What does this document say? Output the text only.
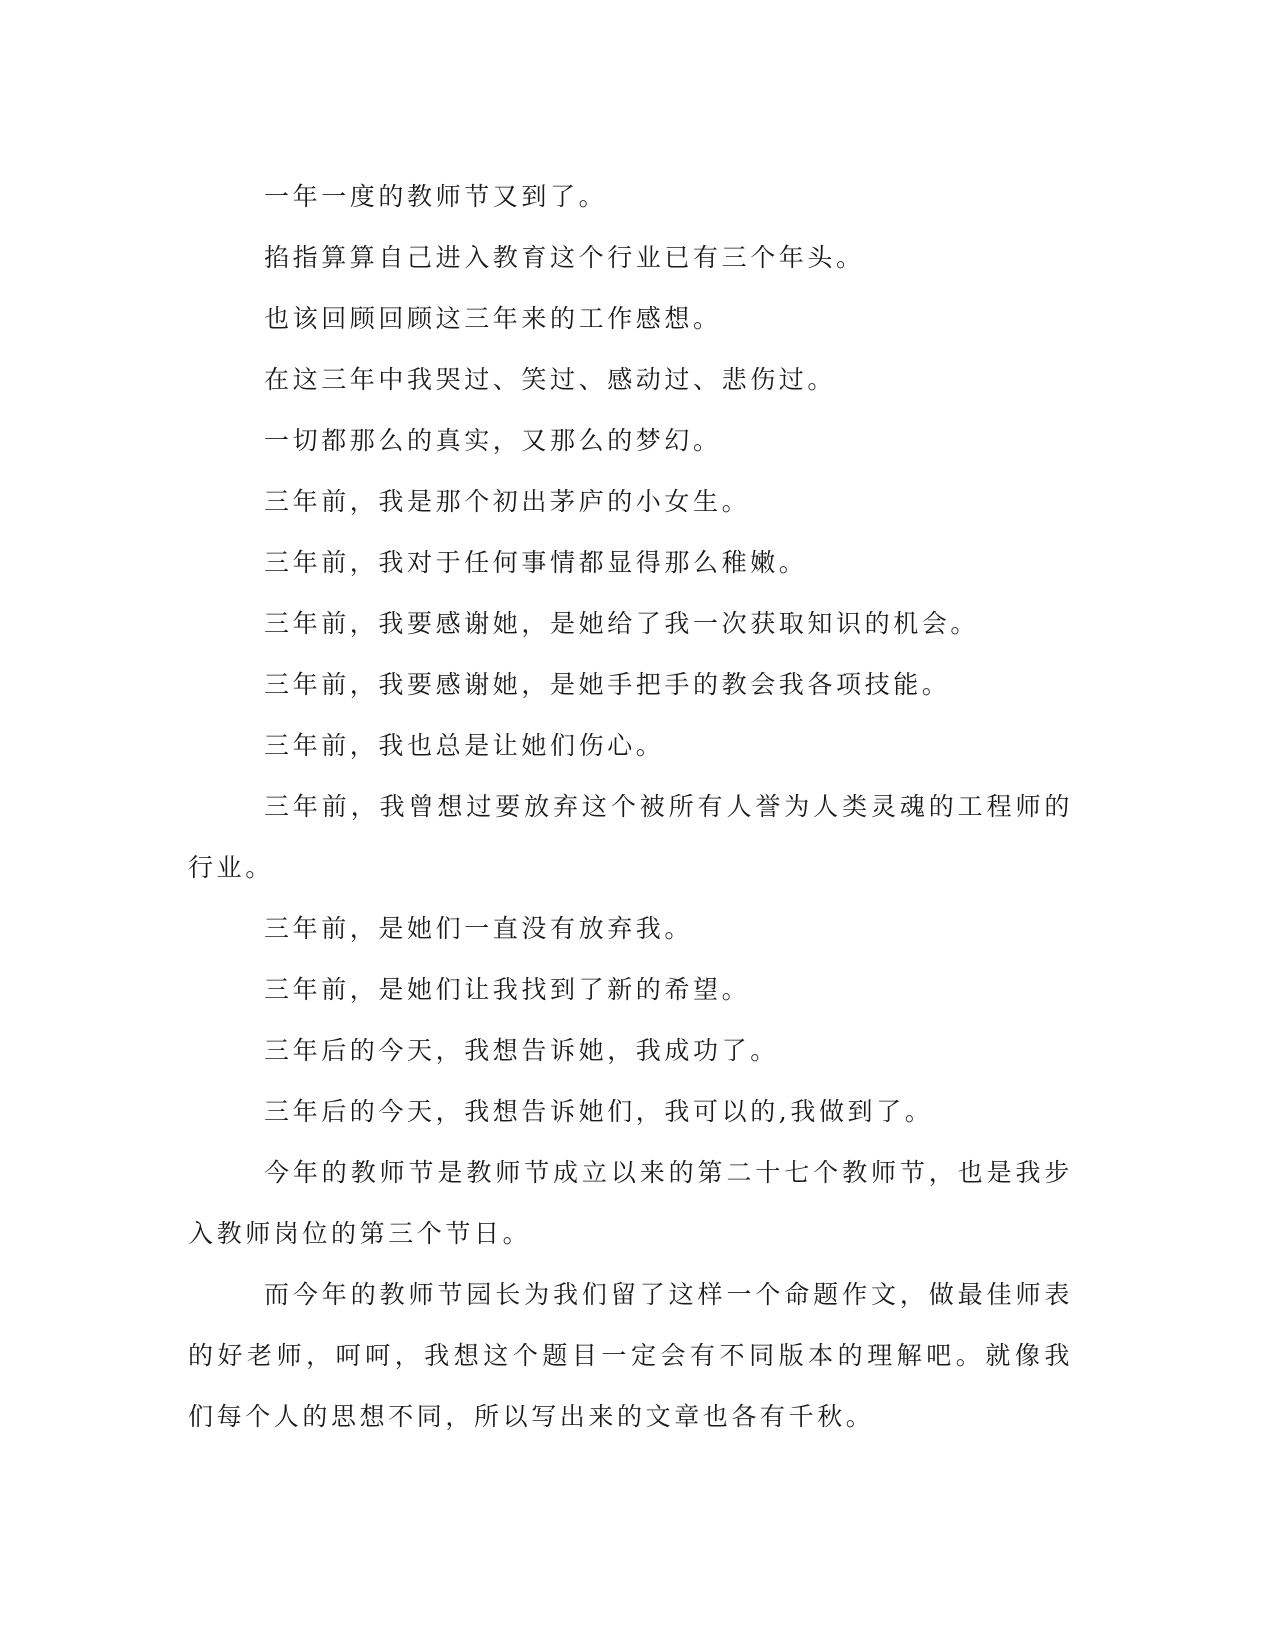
一年一度的教师节又到了。

掐指算算自己进入教育这个行业已有三个年头。

也该回顾回顾这三年来的工作感想。

在这三年中我哭过、笑过、感动过、悲伤过。

一切都那么的真实，又那么的梦幻。

三年前，我是那个初出茅庐的小女生。

三年前，我对于任何事情都显得那么稚嫩。

三年前，我要感谢她，是她给了我一次获取知识的机会。

三年前，我要感谢她，是她手把手的教会我各项技能。

三年前，我也总是让她们伤心。

三年前，我曾想过要放弃这个被所有人誉为人类灵魂的工程师的行业。

三年前，是她们一直没有放弃我。

三年前，是她们让我找到了新的希望。

三年后的今天，我想告诉她，我成功了。

三年后的今天，我想告诉她们，我可以的,我做到了。

今年的教师节是教师节成立以来的第二十七个教师节，也是我步入教师岗位的第三个节日。

而今年的教师节园长为我们留了这样一个命题作文，做最佳师表的好老师，呵呵，我想这个题目一定会有不同版本的理解吧。就像我们每个人的思想不同，所以写出来的文章也各有千秋。
